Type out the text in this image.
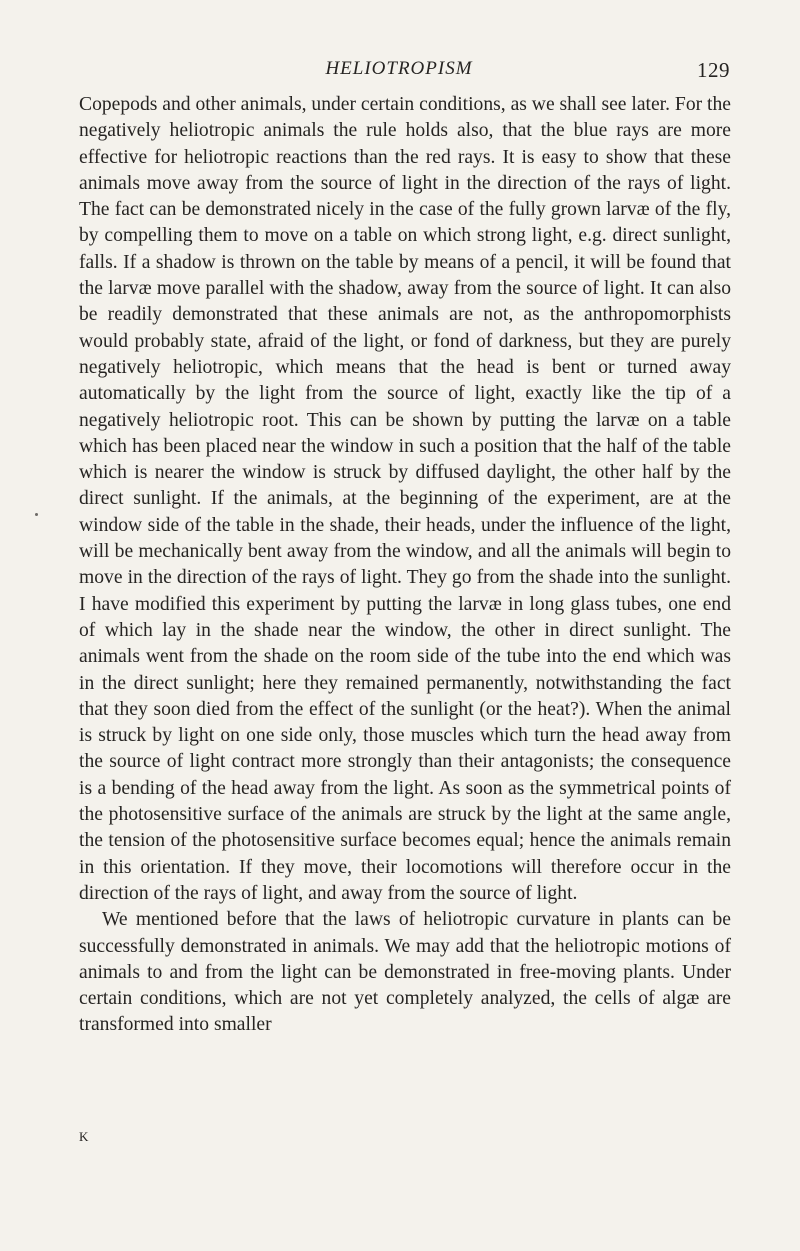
HELIOTROPISM	129

Copepods and other animals, under certain conditions, as we shall see later. For the negatively heliotropic animals the rule holds also, that the blue rays are more effective for heliotropic reactions than the red rays. It is easy to show that these animals move away from the source of light in the direction of the rays of light. The fact can be demonstrated nicely in the case of the fully grown larvæ of the fly, by compelling them to move on a table on which strong light, e.g. direct sunlight, falls. If a shadow is thrown on the table by means of a pencil, it will be found that the larvæ move parallel with the shadow, away from the source of light. It can also be readily demonstrated that these animals are not, as the anthropomorphists would probably state, afraid of the light, or fond of darkness, but they are purely negatively heliotropic, which means that the head is bent or turned away automatically by the light from the source of light, exactly like the tip of a negatively heliotropic root. This can be shown by putting the larvæ on a table which has been placed near the window in such a position that the half of the table which is nearer the window is struck by diffused daylight, the other half by the direct sunlight. If the animals, at the beginning of the experiment, are at the window side of the table in the shade, their heads, under the influence of the light, will be mechanically bent away from the window, and all the animals will begin to move in the direction of the rays of light. They go from the shade into the sunlight. I have modified this experiment by putting the larvæ in long glass tubes, one end of which lay in the shade near the window, the other in direct sunlight. The animals went from the shade on the room side of the tube into the end which was in the direct sunlight; here they remained permanently, notwithstanding the fact that they soon died from the effect of the sunlight (or the heat?). When the animal is struck by light on one side only, those muscles which turn the head away from the source of light contract more strongly than their antagonists; the consequence is a bending of the head away from the light. As soon as the symmetrical points of the photosensitive surface of the animals are struck by the light at the same angle, the tension of the photosensitive surface becomes equal; hence the animals remain in this orientation. If they move, their locomotions will therefore occur in the direction of the rays of light, and away from the source of light.

We mentioned before that the laws of heliotropic curvature in plants can be successfully demonstrated in animals. We may add that the heliotropic motions of animals to and from the light can be demonstrated in free-moving plants. Under certain conditions, which are not yet completely analyzed, the cells of algæ are transformed into smaller

K
